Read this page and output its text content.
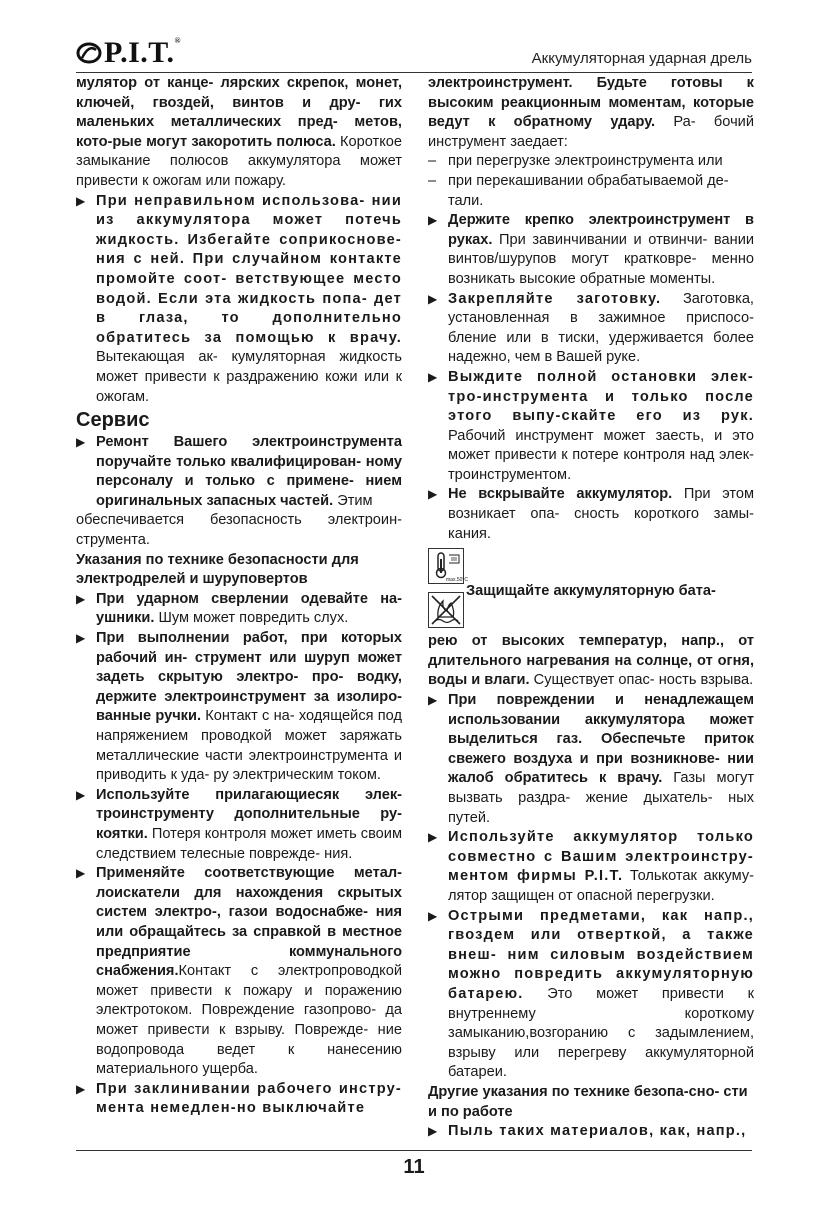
P.I.T.®
Аккумуляторная ударная дрель

мулятор от канце- лярских скрепок, монет, ключей, гвоздей, винтов и дру- гих маленьких металлических пред- метов, кото-рые могут закоротить полюса. Короткое замыкание полюсов аккумулятора может привести к ожогам или пожару.

▶ При неправильном использова- нии из аккумулятора может потечь жидкость. Избегайте соприкоснове- ния с ней. При случайном контакте промойте соот- ветствующее место водой. Если эта жидкость попа- дет в глаза, то дополнительно обратитесь за помощью к врачу. Вытекающая ак- кумуляторная жидкость может привести к раздражению кожи или к ожогам.

Сервис

▶ Ремонт Вашего электроинструмента поручайте только квалифицирован- ному персоналу и только с примене- нием оригинальных запасных частей. Этим

обеспечивается безопасность электроин- струмента.

Указания по технике безопасности для электродрелей и шуруповертов

▶ При ударном сверлении одевайте на- ушники. Шум может повредить слух.

▶ При выполнении работ, при которых рабочий ин- струмент или шуруп может задеть скрытую электро- про- водку, держите электроинструмент за изолиро-ванные ручки. Контакт с на- ходящейся под напряжением проводкой может заряжать металлические части электроинструмента и приводить к уда- ру электрическим током.

▶ Используйте прилагающиесяк элек- троинструменту дополнительные ру- коятки. Потеря контроля может иметь своим следствием телесные поврежде- ния.

▶ Применяйте соответствующие метал- лоискатели для нахождения скрытых систем электро-, газои водоснабже- ния или обращайтесь за справкой в местное предприятие коммунального снабжения.Контакт с электропроводкой может привести к пожару и поражению электротоком. Повреждение газопрово- да может привести к взрыву. Поврежде- ние водопровода ведет к нанесению материального ущерба.

▶ При заклинивании рабочего инстру- мента немедлен-но выключайте

электроинструмент. Будьте готовы к высоким реакционным моментам, которые ведут к обратному удару. Ра- бочий инструмент заедает:

– при перегрузке электроинструмента или

– при перекашивании обрабатываемой де- тали.

▶ Держите крепко электроинструмент в руках. При завинчивании и отвинчи- вании винтов/шурупов могут кратковре- менно возникать высокие обратные моменты.

▶ Закрепляйте заготовку. Заготовка, установленная в зажимное приспосо- бление или в тиски, удерживается более надежно, чем в Вашей руке.

▶ Выждите полной остановки элек- тро-инструмента и только после этого выпу-скайте его из рук. Рабочий инструмент может заесть, и это может привести к потере контроля над элек- троинструментом.

▶ Не вскрывайте аккумулятор. При этом возникает опа- сность короткого замы- кания.

max.50°C
Защищайте аккумуляторную бата-

рею от высоких температур, напр., от длительного нагревания на солнце, от огня, воды и влаги. Существует опас- ность взрыва.

▶ При повреждении и ненадлежащем использовании аккумулятора может выделиться газ. Обеспечьте приток свежего воздуха и при возникнове- нии жалоб обратитесь к врачу. Газы могут вызвать раздра- жение дыхатель- ных путей.

▶ Используйте аккумулятор только совместно с Вашим электроинстру- ментом фирмы P.I.T. Толькотак аккуму- лятор защищен от опасной перегрузки.

▶ Острыми предметами, как напр., гвоздем или отверткой, а также внеш- ним силовым воздействием можно повредить аккумуляторную батарею. Это может привести к внутреннему короткому замыканию,возгоранию с задымлением, взрыву или перегреву аккумуляторной батареи.

Другие указания по технике безопа-сно- сти и по работе

▶ Пыль таких материалов, как, напр.,

11
